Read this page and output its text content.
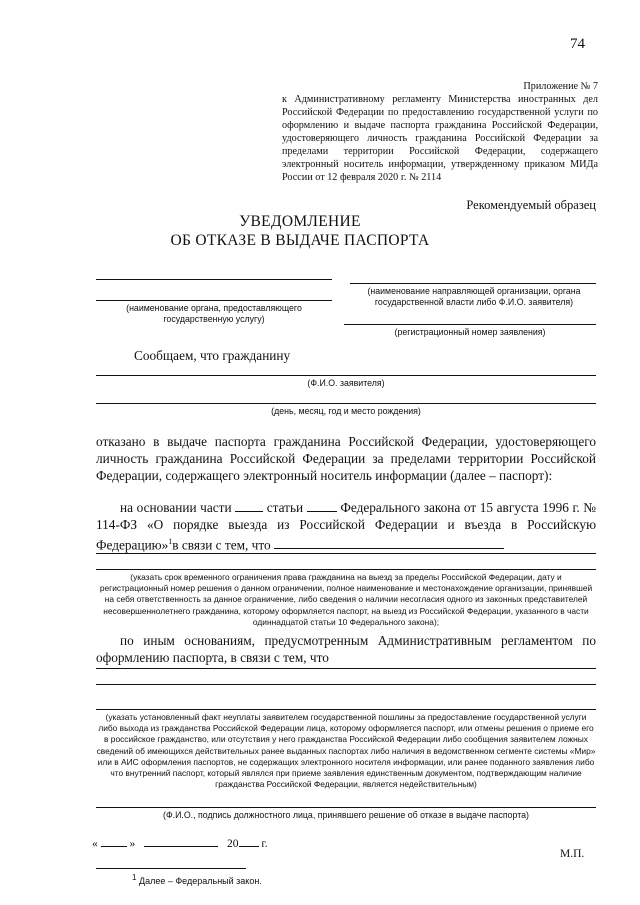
74
Приложение № 7
к Административному регламенту Министерства иностранных дел Российской Федерации по предоставлению государственной услуги по оформлению и выдаче паспорта гражданина Российской Федерации, удостоверяющего личность гражданина Российской Федерации за пределами территории Российской Федерации, содержащего электронный носитель информации, утвержденному приказом МИДа России от 12 февраля 2020 г. № 2114
Рекомендуемый образец
УВЕДОМЛЕНИЕ
ОБ ОТКАЗЕ В ВЫДАЧЕ ПАСПОРТА
(наименование направляющей организации, органа государственной власти либо Ф.И.О. заявителя)
(наименование органа, предоставляющего государственную услугу)
(регистрационный номер заявления)
Сообщаем, что гражданину
(Ф.И.О. заявителя)
(день, месяц, год и место рождения)
отказано в выдаче паспорта гражданина Российской Федерации, удостоверяющего личность гражданина Российской Федерации за пределами территории Российской Федерации, содержащего электронный носитель информации (далее – паспорт):
на основании части	статьи	Федерального закона от 15 августа 1996 г. № 114-ФЗ «О порядке выезда из Российской Федерации и въезда в Российскую Федерацию»$^1$в связи с тем, что
(указать срок временного ограничения права гражданина на выезд за пределы Российской Федерации, дату и регистрационный номер решения о данном ограничении, полное наименование и местонахождение организации, принявшей на себя ответственность за данное ограничение, либо сведения о наличии несогласия одного из законных представителей несовершеннолетнего гражданина, которому оформляется паспорт, на выезд из Российской Федерации, указанного в части одиннадцатой статьи 10 Федерального закона);
по иным основаниям, предусмотренным Административным регламентом по оформлению паспорта, в связи с тем, что
(указать установленный факт неуплаты заявителем государственной пошлины за предоставление государственной услуги либо выхода из гражданства Российской Федерации лица, которому оформляется паспорт, или отмены решения о приеме его в российское гражданство, или отсутствия у него гражданства Российской Федерации либо сообщения заявителем ложных сведений об имеющихся действительных ранее выданных паспортах либо наличия в ведомственном сегменте системы «Мир» или в АИС оформления паспортов, не содержащих электронного носителя информации, или ранее поданного заявления либо что внутренний паспорт, который являлся при приеме заявления единственным документом, подтверждающим наличие гражданства Российской Федерации, является недействительным)
(Ф.И.О., подпись должностного лица, принявшего решение об отказе в выдаче паспорта)
«	»	20 г.
М.П.
$^1$ Далее – Федеральный закон.
